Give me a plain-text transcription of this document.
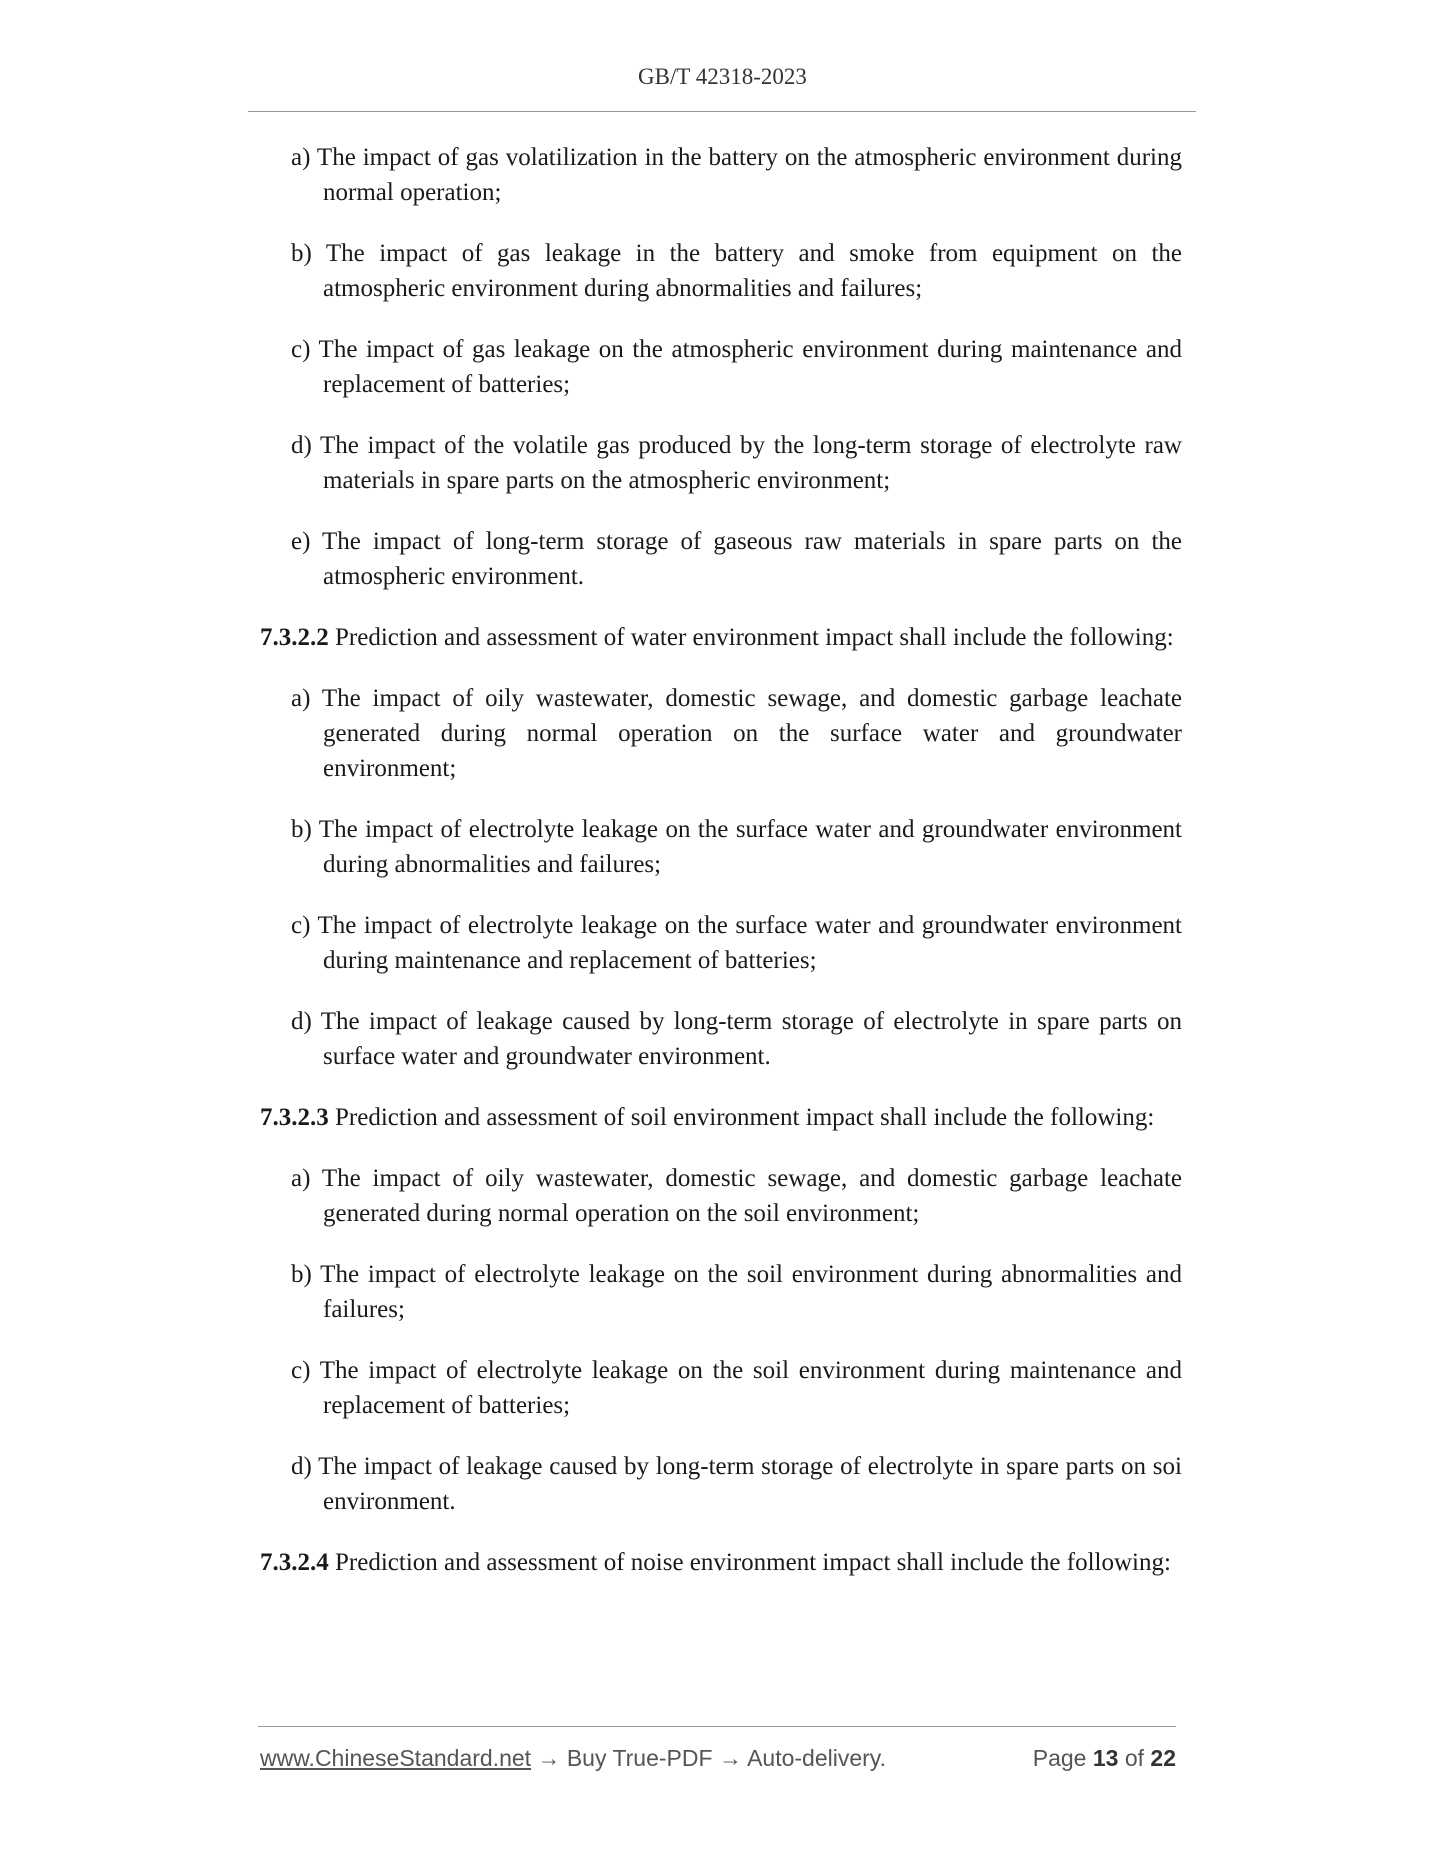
GB/T 42318-2023
a) The impact of gas volatilization in the battery on the atmospheric environment during normal operation;
b) The impact of gas leakage in the battery and smoke from equipment on the atmospheric environment during abnormalities and failures;
c) The impact of gas leakage on the atmospheric environment during maintenance and replacement of batteries;
d) The impact of the volatile gas produced by the long-term storage of electrolyte raw materials in spare parts on the atmospheric environment;
e) The impact of long-term storage of gaseous raw materials in spare parts on the atmospheric environment.
7.3.2.2 Prediction and assessment of water environment impact shall include the following:
a) The impact of oily wastewater, domestic sewage, and domestic garbage leachate generated during normal operation on the surface water and groundwater environment;
b) The impact of electrolyte leakage on the surface water and groundwater environment during abnormalities and failures;
c) The impact of electrolyte leakage on the surface water and groundwater environment during maintenance and replacement of batteries;
d) The impact of leakage caused by long-term storage of electrolyte in spare parts on surface water and groundwater environment.
7.3.2.3 Prediction and assessment of soil environment impact shall include the following:
a) The impact of oily wastewater, domestic sewage, and domestic garbage leachate generated during normal operation on the soil environment;
b) The impact of electrolyte leakage on the soil environment during abnormalities and failures;
c) The impact of electrolyte leakage on the soil environment during maintenance and replacement of batteries;
d) The impact of leakage caused by long-term storage of electrolyte in spare parts on soi environment.
7.3.2.4 Prediction and assessment of noise environment impact shall include the following:
www.ChineseStandard.net → Buy True-PDF → Auto-delivery.	Page 13 of 22
